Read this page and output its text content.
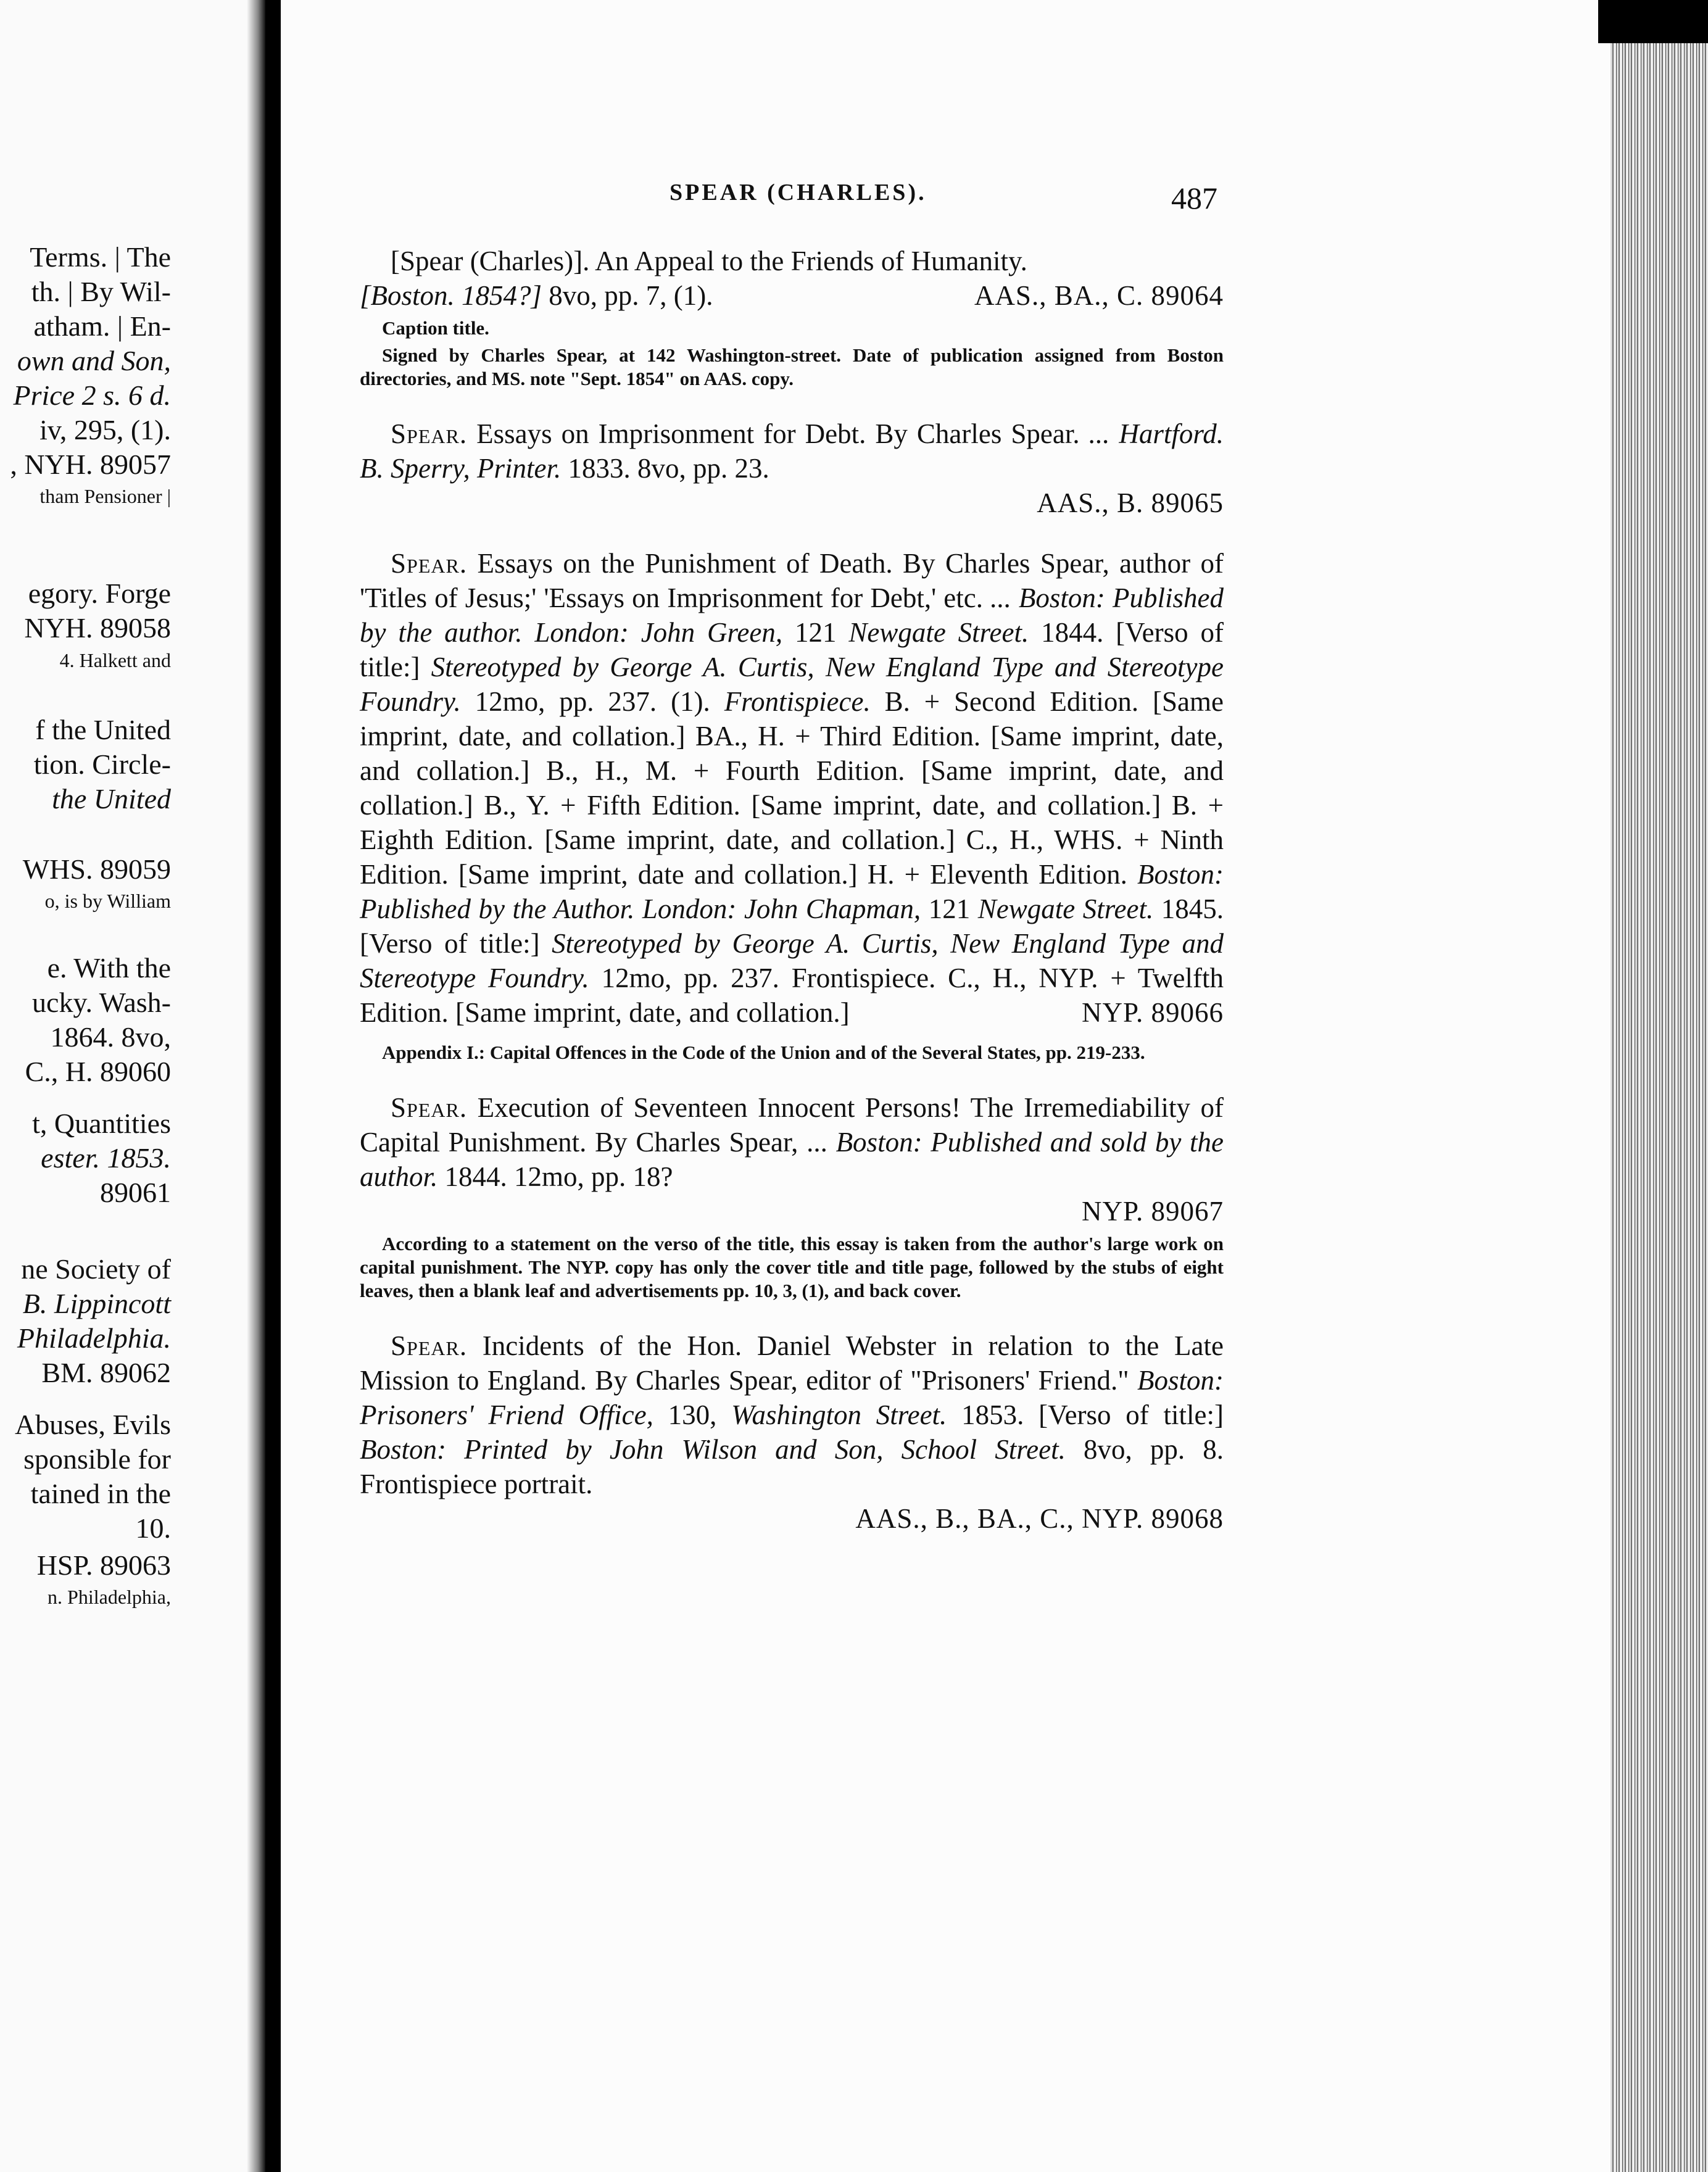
Terms. | The
th. | By Wil-
atham. | En-
own and Son,
Price 2 s. 6 d.
iv, 295, (1).
, NYH. 89057
tham Pensioner |
egory. Forge
NYH. 89058
4. Halkett and
f the United
tion. Circle-
the United
WHS. 89059
o, is by William
e. With the
ucky. Wash-
1864. 8vo,
C., H. 89060
t, Quantities
ester. 1853.
89061
ne Society of
B. Lippincott
Philadelphia.
BM. 89062
Abuses, Evils
sponsible for
tained in the
10.
HSP. 89063
n. Philadelphia,
SPEAR (CHARLES).	487

[Spear (Charles)]. An Appeal to the Friends of Humanity.
[Boston. 1854?] 8vo, pp. 7, (1).	AAS., BA., C. 89064

Caption title.

Signed by Charles Spear, at 142 Washington-street. Date of publication assigned from Boston directories, and MS. note "Sept. 1854" on AAS. copy.

Spear. Essays on Imprisonment for Debt. By Charles Spear. ... Hartford. B. Sperry, Printer. 1833. 8vo, pp. 23.

AAS., B. 89065

Spear. Essays on the Punishment of Death. By Charles Spear, author of 'Titles of Jesus;' 'Essays on Imprisonment for Debt,' etc. ... Boston: Published by the author. London: John Green, 121 Newgate Street. 1844. [Verso of title:] Stereotyped by George A. Curtis, New England Type and Stereotype Foundry. 12mo, pp. 237. (1). Frontispiece. B. + Second Edition. [Same imprint, date, and collation.] BA., H. + Third Edition. [Same imprint, date, and collation.] B., H., M. + Fourth Edition. [Same imprint, date, and collation.] B., Y. + Fifth Edition. [Same imprint, date, and collation.] B. + Eighth Edition. [Same imprint, date, and collation.] C., H., WHS. + Ninth Edition. [Same imprint, date and collation.] H. + Eleventh Edition. Boston: Published by the Author. London: John Chapman, 121 Newgate Street. 1845. [Verso of title:] Stereotyped by George A. Curtis, New England Type and Stereotype Foundry. 12mo, pp. 237. Frontispiece. C., H., NYP. + Twelfth Edition. [Same imprint, date, and collation.]	NYP. 89066

Appendix I.: Capital Offences in the Code of the Union and of the Several States, pp. 219-233.

Spear. Execution of Seventeen Innocent Persons! The Irremediability of Capital Punishment. By Charles Spear, ... Boston: Published and sold by the author. 1844. 12mo, pp. 18?

NYP. 89067

According to a statement on the verso of the title, this essay is taken from the author's large work on capital punishment. The NYP. copy has only the cover title and title page, followed by the stubs of eight leaves, then a blank leaf and advertisements pp. 10, 3, (1), and back cover.

Spear. Incidents of the Hon. Daniel Webster in relation to the Late Mission to England. By Charles Spear, editor of "Prisoners' Friend." Boston: Prisoners' Friend Office, 130, Washington Street. 1853. [Verso of title:] Boston: Printed by John Wilson and Son, School Street. 8vo, pp. 8. Frontispiece portrait.

AAS., B., BA., C., NYP. 89068
